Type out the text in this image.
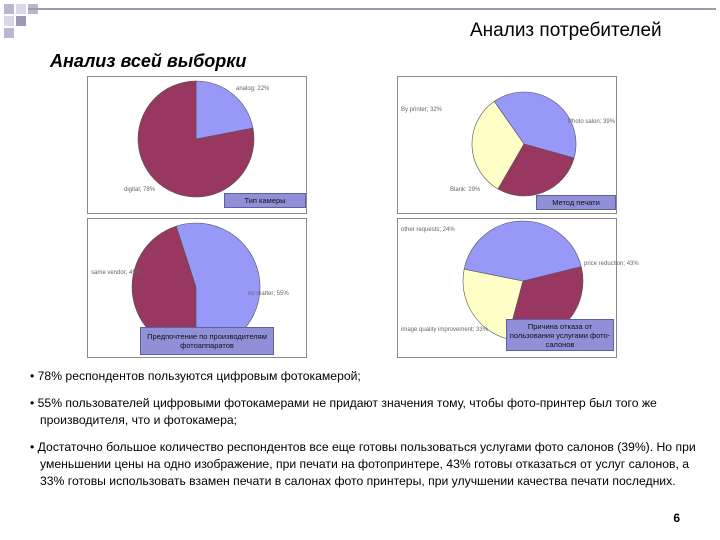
Анализ потребителей
Анализ всей выборки
analog; 22%
digital; 78%
Тип камеры
By printer; 32%
Photo salon; 39%
Blank: 29%
Метод печати
same vendor; 45%
no matter; 55%
Предпочтение по производителям фотоаппаратов
other requests; 24%
price reduction; 43%
image quality improvement; 33%	Причина отказа от пользования услугами фото-салонов

• 78% респондентов пользуются цифровым фотокамерой;

• 55% пользователей цифровыми фотокамерами не придают значения тому, чтобы фото-принтер был того же производителя, что и фотокамера;

• Достаточно большое количество респондентов все еще готовы пользоваться услугами фото салонов (39%). Но при уменьшении цены на одно изображение, при печати на фотопринтере, 43% готовы отказаться от услуг салонов, а 33% готовы использовать взамен печати в салонах фото принтеры, при улучшении качества печати последних.

6
